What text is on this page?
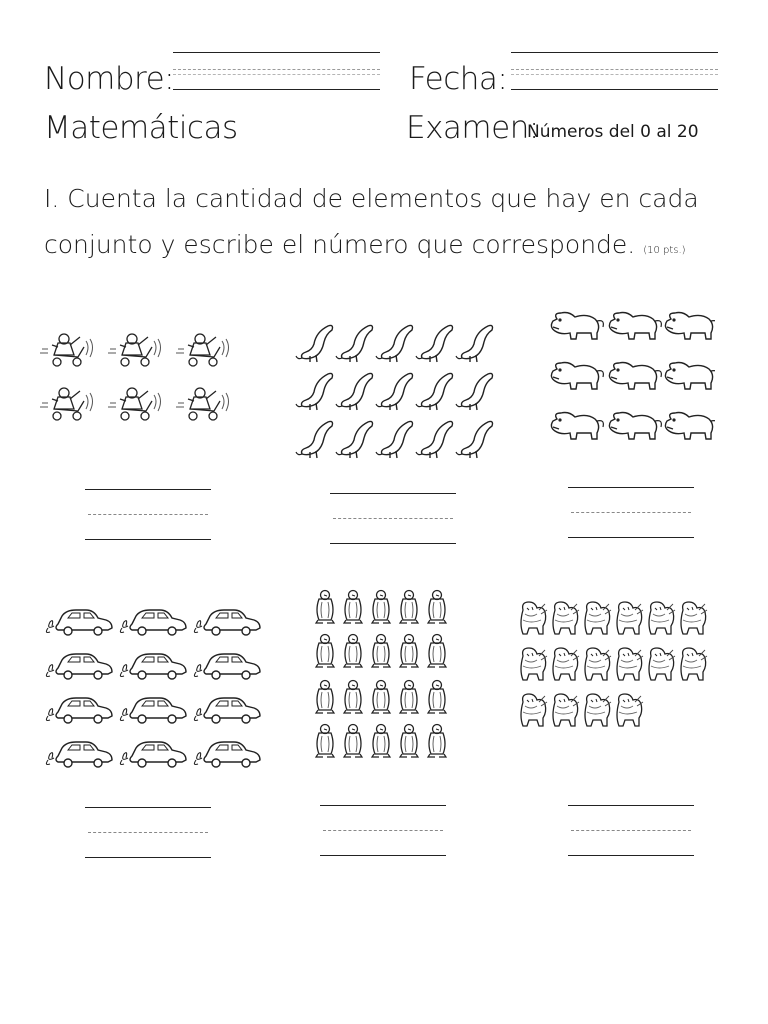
Nombre:	Fecha:
Matemáticas	Examen:
Números del 0 al 20
I. Cuenta la cantidad de elementos que hay en cada
conjunto y escribe el número que corresponde. (10 pts.)
